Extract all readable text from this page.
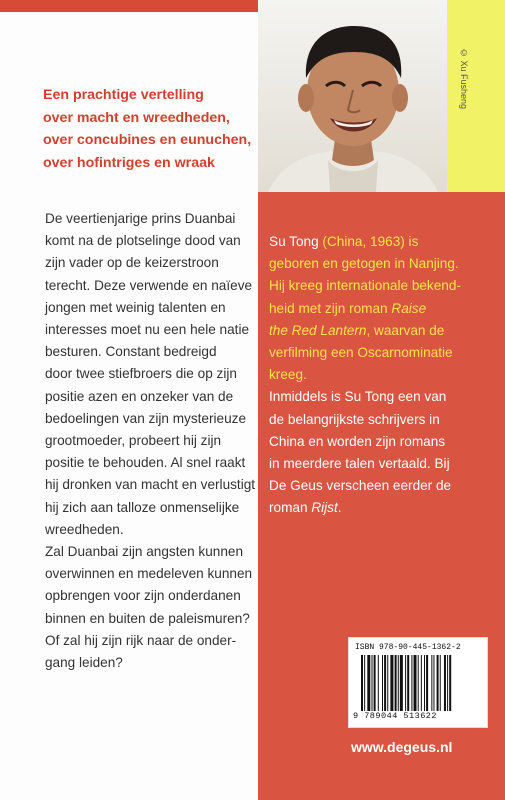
Een prachtige vertelling
over macht en wreedheden,
over concubines en eunuchen,
over hofintriges en wraak
De veertienjarige prins Duanbai
komt na de plotselinge dood van
zijn vader op de keizerstroon
terecht. Deze verwende en naïeve
jongen met weinig talenten en
interesses moet nu een hele natie
besturen. Constant bedreigd
door twee stiefbroers die op zijn
positie azen en onzeker van de
bedoelingen van zijn mysterieuze
grootmoeder, probeert hij zijn
positie te behouden. Al snel raakt
hij dronken van macht en verlustigt
hij zich aan talloze onmenselijke
wreedheden.
Zal Duanbai zijn angsten kunnen
overwinnen en medeleven kunnen
opbrengen voor zijn onderdanen
binnen en buiten de paleismuren?
Of zal hij zijn rijk naar de onder-
gang leiden?
© Xu Fusheng
Su Tong (China, 1963) is
geboren en getogen in Nanjing.
Hij kreeg internationale bekend-
heid met zijn roman Raise
the Red Lantern, waarvan de
verfilming een Oscarnominatie
kreeg.
Inmiddels is Su Tong een van
de belangrijkste schrijvers in
China en worden zijn romans
in meerdere talen vertaald. Bij
De Geus verscheen eerder de
roman Rijst.
ISBN 978-90-445-1362-2
9 789044 513622
www.degeus.nl
